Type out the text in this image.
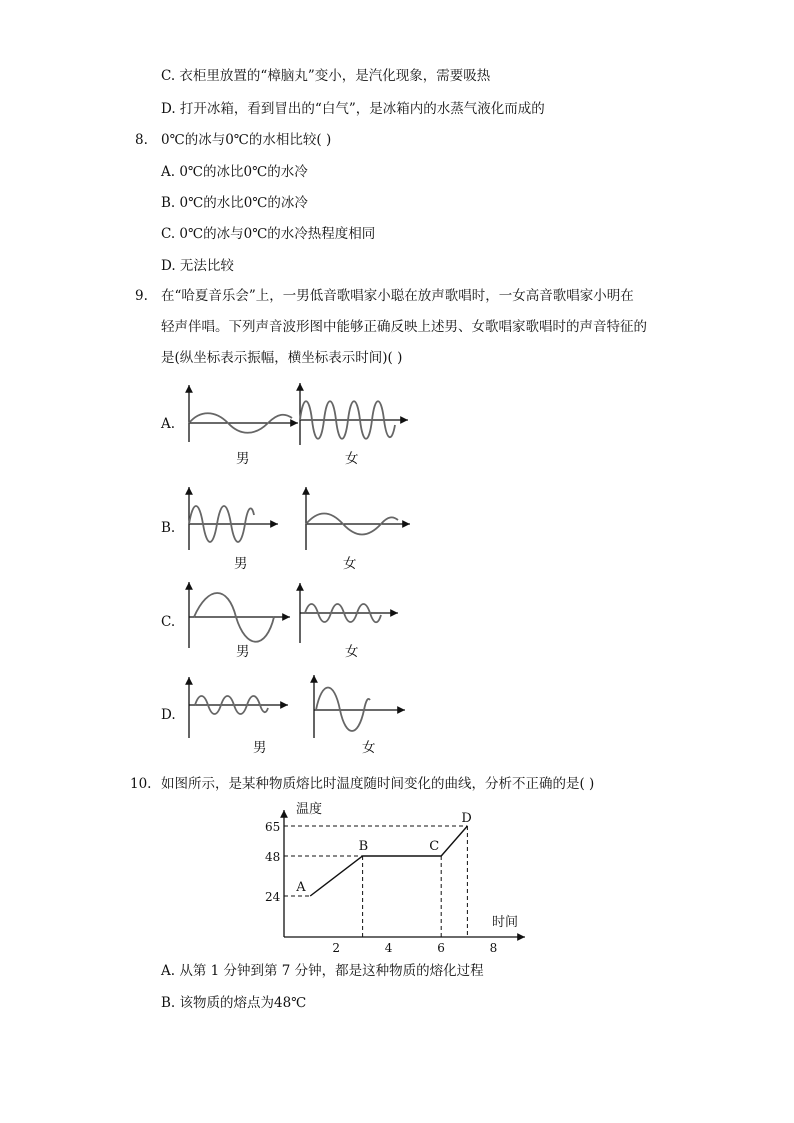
C. 衣柜里放置的“樟脑丸”变小，是汽化现象，需要吸热
D. 打开冰箱，看到冒出的“白气”，是冰箱内的水蒸气液化而成的
8. 0℃的冰与0℃的水相比较( )
A. 0℃的冰比0℃的水冷
B. 0℃的水比0℃的冰冷
C. 0℃的冰与0℃的水冷热程度相同
D. 无法比较
9. 在“哈夏音乐会”上，一男低音歌唱家小聪在放声歌唱时，一女高音歌唱家小明在
轻声伴唱。下列声音波形图中能够正确反映上述男、女歌唱家歌唱时的声音特征的
是(纵坐标表示振幅，横坐标表示时间)( )
A.
男	女
B.
男	女
C.
男	女
D.
男	女
10. 如图所示，是某种物质熔比时温度随时间变化的曲线，分析不正确的是( )
2	4	6	8
24
48
65
A
B	C
D
温度
时间
A. 从第 1 分钟到第 7 分钟，都是这种物质的熔化过程
B. 该物质的熔点为48℃
